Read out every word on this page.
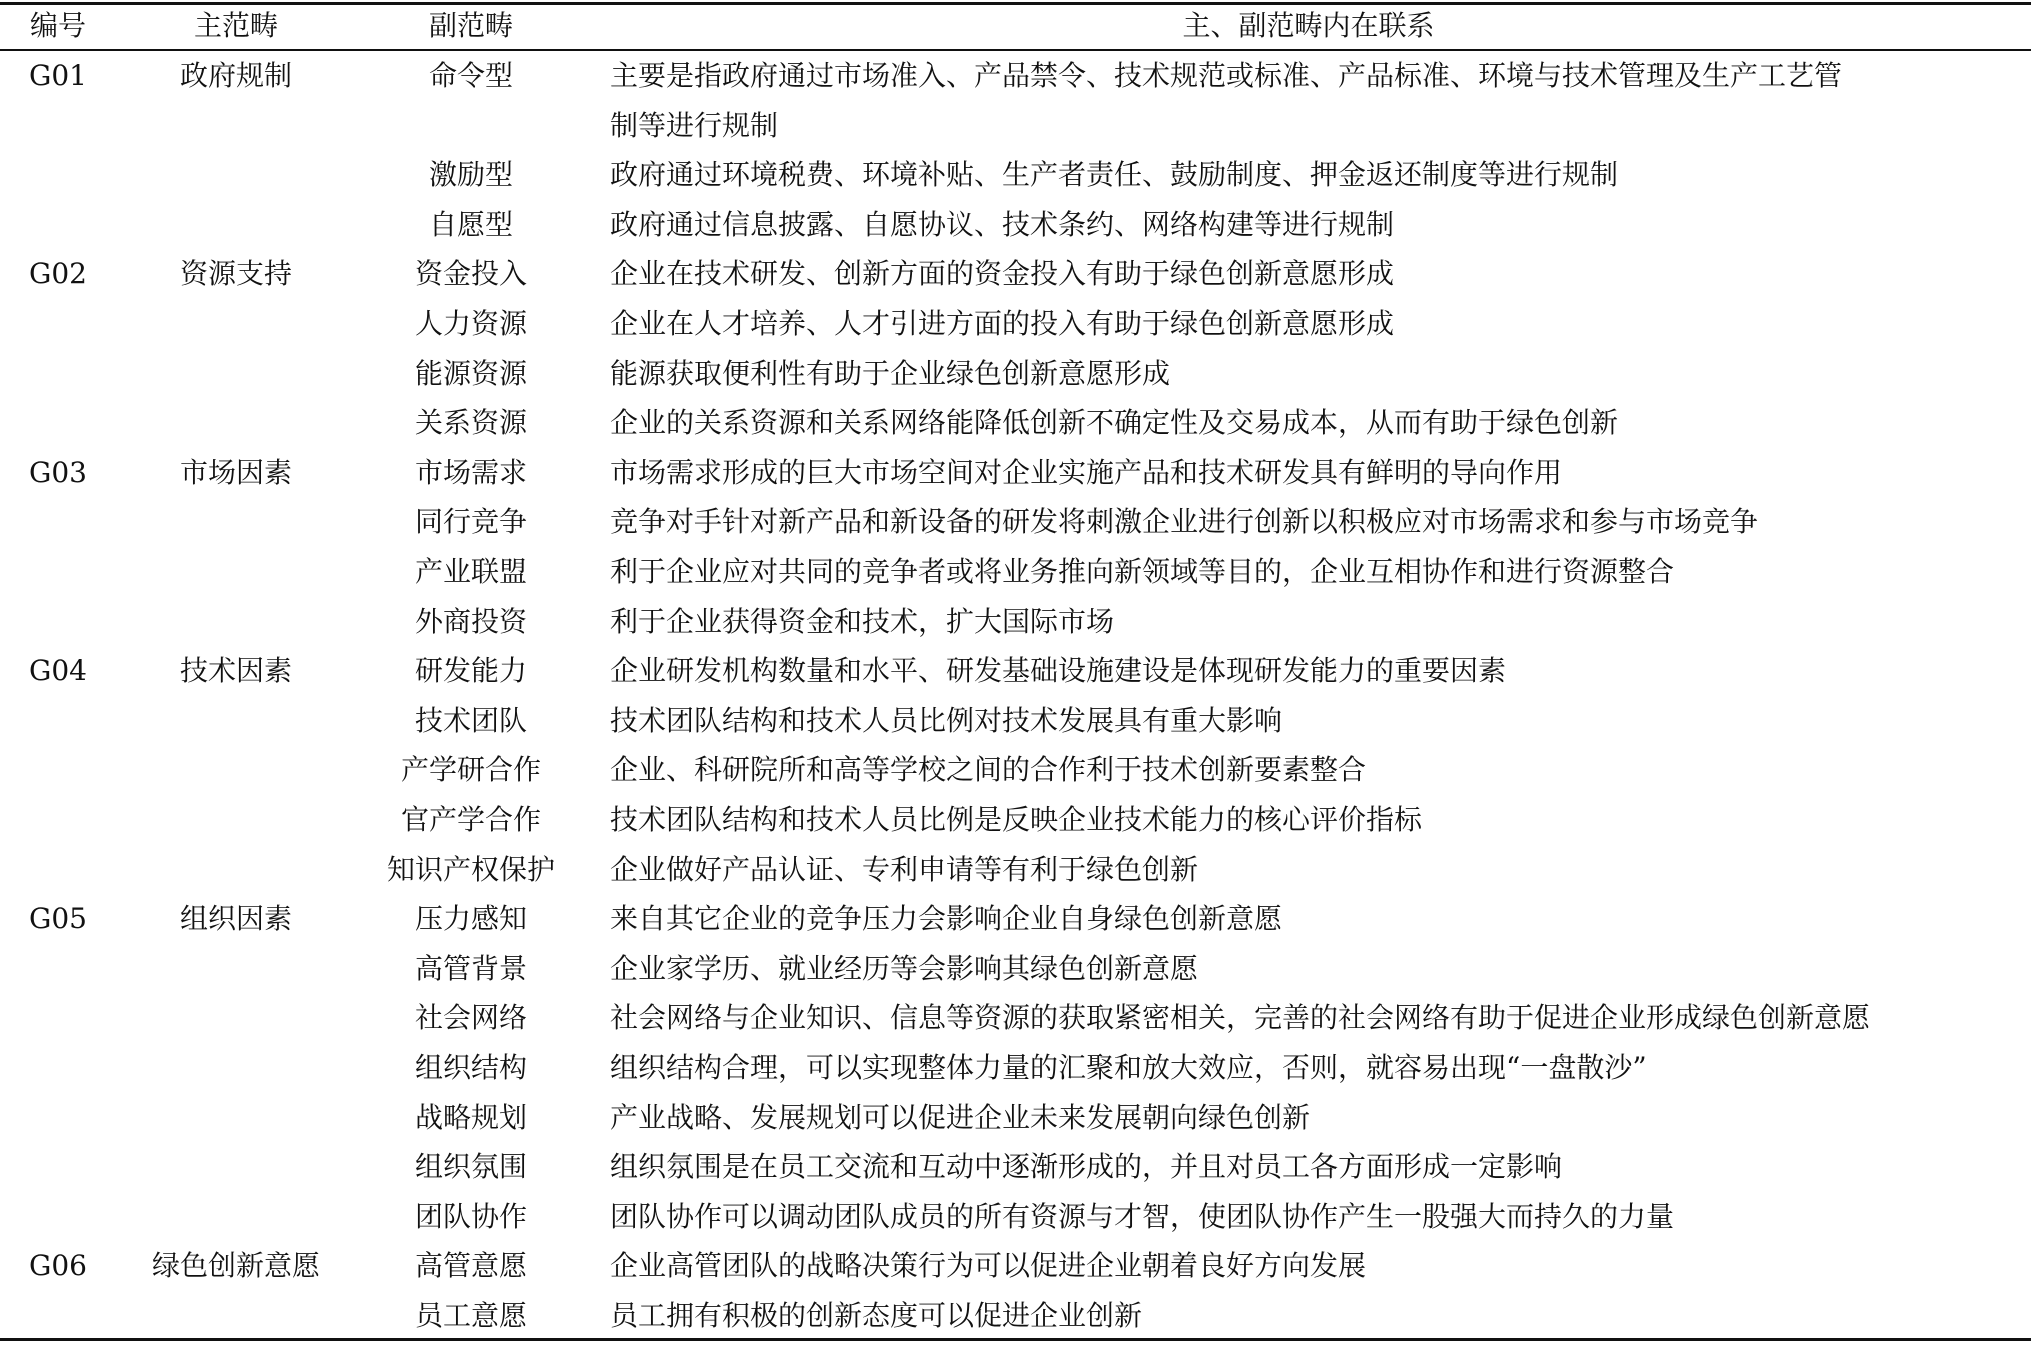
编号	主范畴	副范畴	主、副范畴内在联系
G01	政府规制	命令型	主要是指政府通过市场准入、产品禁令、技术规范或标准、产品标准、环境与技术管理及生产工艺管
制等进行规制
激励型	政府通过环境税费、环境补贴、生产者责任、鼓励制度、押金返还制度等进行规制
自愿型	政府通过信息披露、自愿协议、技术条约、网络构建等进行规制
G02	资源支持	资金投入	企业在技术研发、创新方面的资金投入有助于绿色创新意愿形成
人力资源	企业在人才培养、人才引进方面的投入有助于绿色创新意愿形成
能源资源	能源获取便利性有助于企业绿色创新意愿形成
关系资源	企业的关系资源和关系网络能降低创新不确定性及交易成本，从而有助于绿色创新
G03	市场因素	市场需求	市场需求形成的巨大市场空间对企业实施产品和技术研发具有鲜明的导向作用
同行竞争	竞争对手针对新产品和新设备的研发将刺激企业进行创新以积极应对市场需求和参与市场竞争
产业联盟	利于企业应对共同的竞争者或将业务推向新领域等目的，企业互相协作和进行资源整合
外商投资	利于企业获得资金和技术，扩大国际市场
G04	技术因素	研发能力	企业研发机构数量和水平、研发基础设施建设是体现研发能力的重要因素
技术团队	技术团队结构和技术人员比例对技术发展具有重大影响
产学研合作	企业、科研院所和高等学校之间的合作利于技术创新要素整合
官产学合作	技术团队结构和技术人员比例是反映企业技术能力的核心评价指标
知识产权保护	企业做好产品认证、专利申请等有利于绿色创新
G05	组织因素	压力感知	来自其它企业的竞争压力会影响企业自身绿色创新意愿
高管背景	企业家学历、就业经历等会影响其绿色创新意愿
社会网络	社会网络与企业知识、信息等资源的获取紧密相关，完善的社会网络有助于促进企业形成绿色创新意愿
组织结构	组织结构合理，可以实现整体力量的汇聚和放大效应，否则，就容易出现“一盘散沙”
战略规划	产业战略、发展规划可以促进企业未来发展朝向绿色创新
组织氛围	组织氛围是在员工交流和互动中逐渐形成的，并且对员工各方面形成一定影响
团队协作	团队协作可以调动团队成员的所有资源与才智，使团队协作产生一股强大而持久的力量
G06	绿色创新意愿	高管意愿	企业高管团队的战略决策行为可以促进企业朝着良好方向发展
员工意愿	员工拥有积极的创新态度可以促进企业创新
